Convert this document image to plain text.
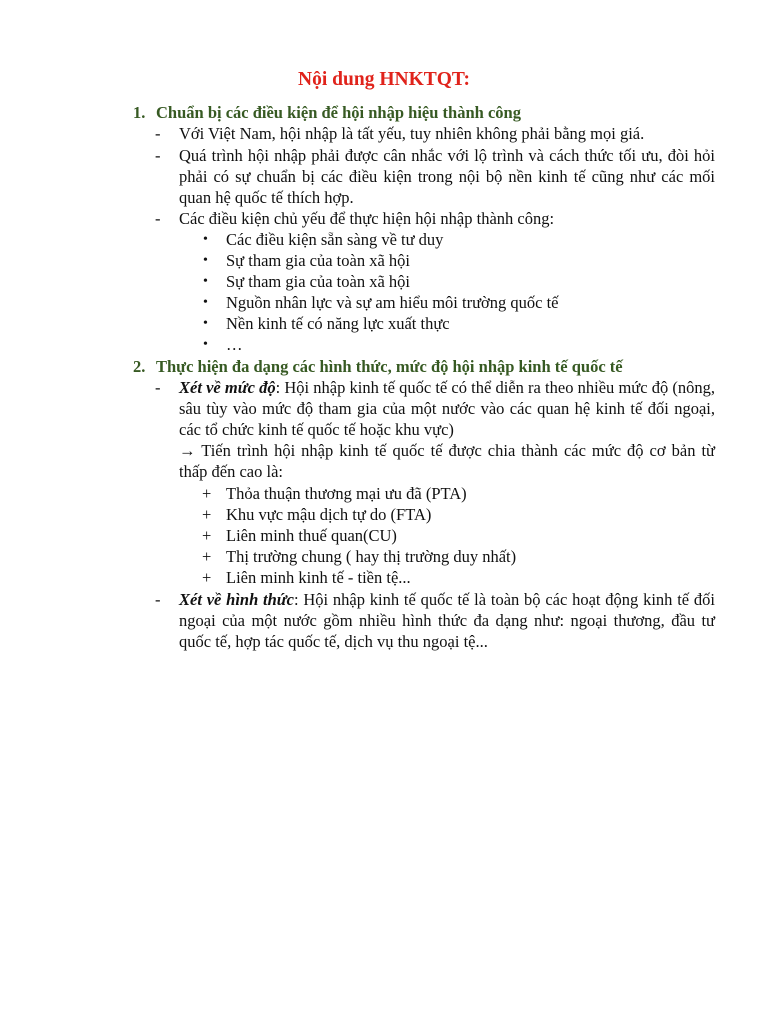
Nội dung HNKTQT:
1. Chuẩn bị các điều kiện để hội nhập hiệu thành công
- Với Việt Nam, hội nhập là tất yếu, tuy nhiên không phải bằng mọi giá.
- Quá trình hội nhập phải được cân nhắc với lộ trình và cách thức tối ưu, đòi hỏi phải có sự chuẩn bị các điều kiện trong nội bộ nền kinh tế cũng như các mối quan hệ quốc tế thích hợp.
- Các điều kiện chủ yếu để thực hiện hội nhập thành công:
• Các điều kiện sẵn sàng về tư duy
• Sự tham gia của toàn xã hội
• Sự tham gia của toàn xã hội
• Nguồn nhân lực và sự am hiểu môi trường quốc tế
• Nền kinh tế có năng lực xuất thực
• …
2. Thực hiện đa dạng các hình thức, mức độ hội nhập kinh tế quốc tế
- Xét về mức độ: Hội nhập kinh tế quốc tế có thể diễn ra theo nhiều mức độ (nông, sâu tùy vào mức độ tham gia của một nước vào các quan hệ kinh tế đối ngoại, các tổ chức kinh tế quốc tế hoặc khu vực)
→ Tiến trình hội nhập kinh tế quốc tế được chia thành các mức độ cơ bản từ thấp đến cao là:
+ Thỏa thuận thương mại ưu đã (PTA)
+ Khu vực mậu dịch tự do (FTA)
+ Liên minh thuế quan(CU)
+ Thị trường chung ( hay thị trường duy nhất)
+ Liên minh kinh tế - tiền tệ...
- Xét về hình thức: Hội nhập kinh tế quốc tế là toàn bộ các hoạt động kinh tế đối ngoại của một nước gồm nhiều hình thức đa dạng như: ngoại thương, đầu tư quốc tế, hợp tác quốc tế, dịch vụ thu ngoại tệ...
